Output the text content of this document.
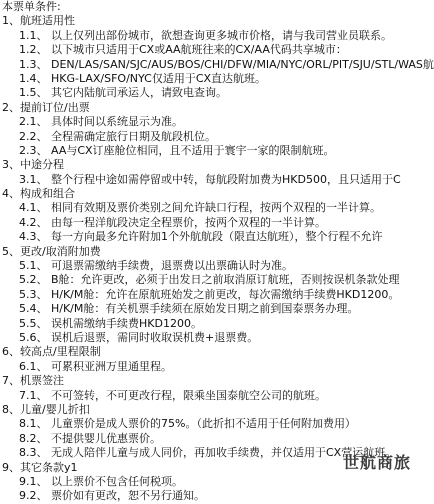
本票单条件:
1、航班适用性
1.1、 以上仅列出部份城市，欲想查询更多城市价格，请与我司营业员联系。
1.2、 以下城市只适用于CX或AA航班往来的CX/AA代码共享城市：
1.3、 DEN/LAS/SAN/SJC/AUS/BOS/CHI/DFW/MIA/NYC/ORL/PIT/SJU/STL/WAS航
1.4、 HKG-LAX/SFO/NYC仅适用于CX直达航班。
1.5、 其它内陆航司承运人，请致电查询。
2、提前订位/出票
2.1、 具体时间以系统显示为准。
2.2、 全程需确定旅行日期及航段机位。
2.3、 AA与CX订座舱位相同，且不适用于寰宇一家的限制航班。
3、中途分程
3.1、 整个行程中途如需停留或中转，每航段附加费为HKD500，且只适用于C
4、构成和组合
4.1、 相同有效期及票价类别之间允许缺口行程，按两个双程的一半计算。
4.2、 由每一程洋航段决定全程票价，按两个双程的一半计算。
4.3、 每一方向最多允许附加1个外航航段（限直达航班），整个行程不允许
5、更改/取消附加费
5.1、 可退票需缴纳手续费，退票费以出票确认时为准。
5.2、 B舱：允许更改，必须于出发日之前取消原订航班，否则按误机条款处理
5.3、 H/K/M舱：允许在原航班始发之前更改，每次需缴纳手续费HKD1200。
5.4、 H/K/M舱：有关机票手续须在原始发日期之前到国泰票务办理。
5.5、 误机需缴纳手续费HKD1200。
5.6、 误机后退票，需同时收取误机费+退票费。
6、较高点/里程限制
6.1、 可累积亚洲万里通里程。
7、机票签注
7.1、 不可签转，不可更改行程，限乘坐国泰航空公司的航班。
8、儿童/婴儿折扣
8.1、 儿童票价是成人票价的75%。（此折扣不适用于任何附加费用）
8.2、 不提供婴儿优惠票价。
8.3、 无成人陪伴儿童与成人同价，再加收手续费，并仅适用于CX营运航班。
9、其它条款y1
9.1、 以上票价不包含任何税项。
9.2、 票价如有更改，恕不另行通知。
世航商旅
